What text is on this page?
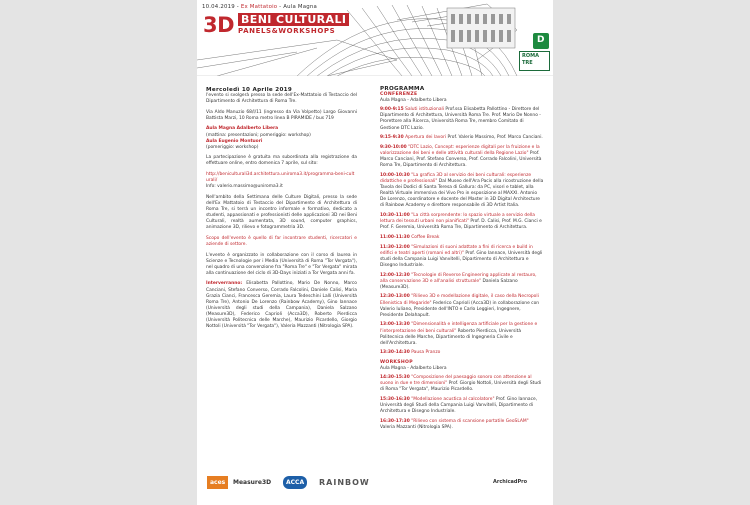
10.04.2019 - Ex Mattatoio - Aula Magna
3D BENI CULTURALI
PANELS&WORKSHOPS
D
ROMA
TRE
Mercoledì 10 Aprile 2019
l'evento si svolgerà presso la sede dell'Ex-Mattatoio di Testaccio del Dipartimento di Architettura di Roma Tre.
Via Aldo Manuzio 68/l/11 (ingresso da Via Volpetto) Largo Giovanni Battista Marzi, 10 Roma metro linea B PIRAMIDE / bus 719
Aula Magna Adalberto Libera
(mattina: presentazioni; pomeriggio: workshop)
Aula Eugenio Montuori
(pomeriggio: workshop)
La partecipazione è gratuita ma subordinata alla registrazione da effettuare online, entro domenica 7 aprile, sul sito:
http://beniculturali3d.architettura.uniroma3.it/programma-beni-culturali/
Info: valerio.massimo@uniroma3.it
Nell'ambito della Settimana delle Culture Digitali, presso la sede dell'Ex Mattatoio di Testaccio del Dipartimento di Architettura di Roma Tre, si terrà un incontro informale e formativo, dedicato a studenti, appassionati e professionisti delle applicazioni 3D nei Beni Culturali, realtà aumentata, 3D sound, computer graphics, animazione 3D, rilievo e fotogrammetria 3D.
Scopo dell'evento è quello di far incontrare studenti, ricercatori e aziende di settore.
L'evento è organizzato in collaborazione con il corso di laurea in Scienze e Tecnologie per i Media (Università di Roma "Tor Vergata"), nel quadro di una convenzione fra "Roma Tre" e "Tor Vergata" mirata alla continuazione del ciclo di 3D-Days iniziati a Tor Vergata anni fa.
Interverranno: Elisabetta Pallottino, Mario De Nonno, Marco Canciani, Stefano Converso, Corrado Falcolini, Daniele Calisi, Maria Grazia Cianci, Francesca Geremia, Laura Tedeschini Lalli (Università Roma Tre), Antonio De Lorenzo (Rainbow Academy), Gino Iannace (Università degli studi della Campania), Daniela Salzano (Measure3D), Federico Caprioli (Acca3D), Roberto Pierdicca (Università Politecnica delle Marche), Maurizio Picardello, Giorgio Nottoli (Università "Tor Vergata"), Valeria Mazzanti (Nitrologia SPA).
PROGRAMMA
CONFERENZE
Aula Magna - Adalberto Libera
9:00-9:15 Saluti istituzionali Prof.ssa Elisabetta Pallottino - Direttore del Dipartimento di Architettura, Università Roma Tre. Prof. Mario De Nonno - Prorettore alla Ricerca, Università Roma Tre, membro Comitato di Gestione DTC Lazio.
9:15-9:30 Apertura dei lavori Prof. Valerio Massimo, Prof. Marco Canciani.
9:30-10:00 "DTC Lazio, Concept: esperienze digitali per la fruizione e la valorizzazione dei beni e delle attività culturali della Regione Lazio" Prof. Marco Canciani, Prof. Stefano Converso, Prof. Corrado Falcolini, Università Roma Tre, Dipartimento di Architettura.
10:00-10:30 "La grafica 3D al servizio dei beni culturali: esperienze didattiche e professionali" Dal Museo dell'Ara Pacis alla ricostruzione della Tavola dei Dodici di Santa Teresa di Gallura: da PC, visori e tablet, alla Realtà Virtuale immersiva dei Vivo Pro in esposizione al MAXXI. Antonio De Lorenzo, coordinatore e docente del Master in 3D Digital Architecture di Rainbow Academy e direttore responsabile di 3D Artist Italia.
10:30-11:00 "La città sorprendente: lo spazio virtuale a servizio della lettura dei tessuti urbani non pianificati" Prof. D. Calisi, Prof. M.G. Cianci e Prof. F. Geremia, Università Roma Tre, Dipartimento di Architettura.
11:00-11:30 Coffee Break
11:30-12:00 "Simulazioni di suoni adattate a fini di ricerca e build in edifici e teatri aperti (romani ed altri)" Prof. Gino Iannace, Università degli studi della Campania Luigi Vanvitelli, Dipartimento di Architettura e Disegno Industriale.
12:00-12:30 "Tecnologie di Reverse Engineering applicate al restauro, alla conservazione 3D e all'analisi strutturale" Daniela Salzano (Measure3D).
12:30-13:00 "Rilievo 3D e modellazione digitale, il caso della Necropoli Ellenistica di Megaride" Federico Caprioli (Acca3D) in collaborazione con Valerio Iuliano, Presidente dell'INTO e Carlo Leggieri, Ingegnere, Presidente Delahapult.
13:00-13:30 "Dimensionalità e intelligenza artificiale per la gestione e l'interpretazione dei beni culturali" Roberto Pierdicca, Università Politecnica delle Marche, Dipartimento di Ingegneria Civile e dell'Architettura.
13:30-14:30 Pausa Pranzo
WORKSHOP
Aula Magna - Adalberto Libera
14:30-15:30 "Composizione del paesaggio sonoro con attenzione al suono in due e tre dimensioni" Prof. Giorgio Nottoli, Università degli Studi di Roma "Tor Vergata", Maurizio Picardello.
15:30-16:30 "Modellazione acustica al calcolatore" Prof. Gino Iannace, Università degli Studi della Campania Luigi Vanvitelli, Dipartimento di Architettura e Disegno Industriale.
16:30-17:30 "Rilievo con sistema di scansione portatile GeoSLAM" Valeria Mazzanti (Nitrologia SPA).
aces	Measure3D	ACCA	RAINBOW	ArchicadPro
